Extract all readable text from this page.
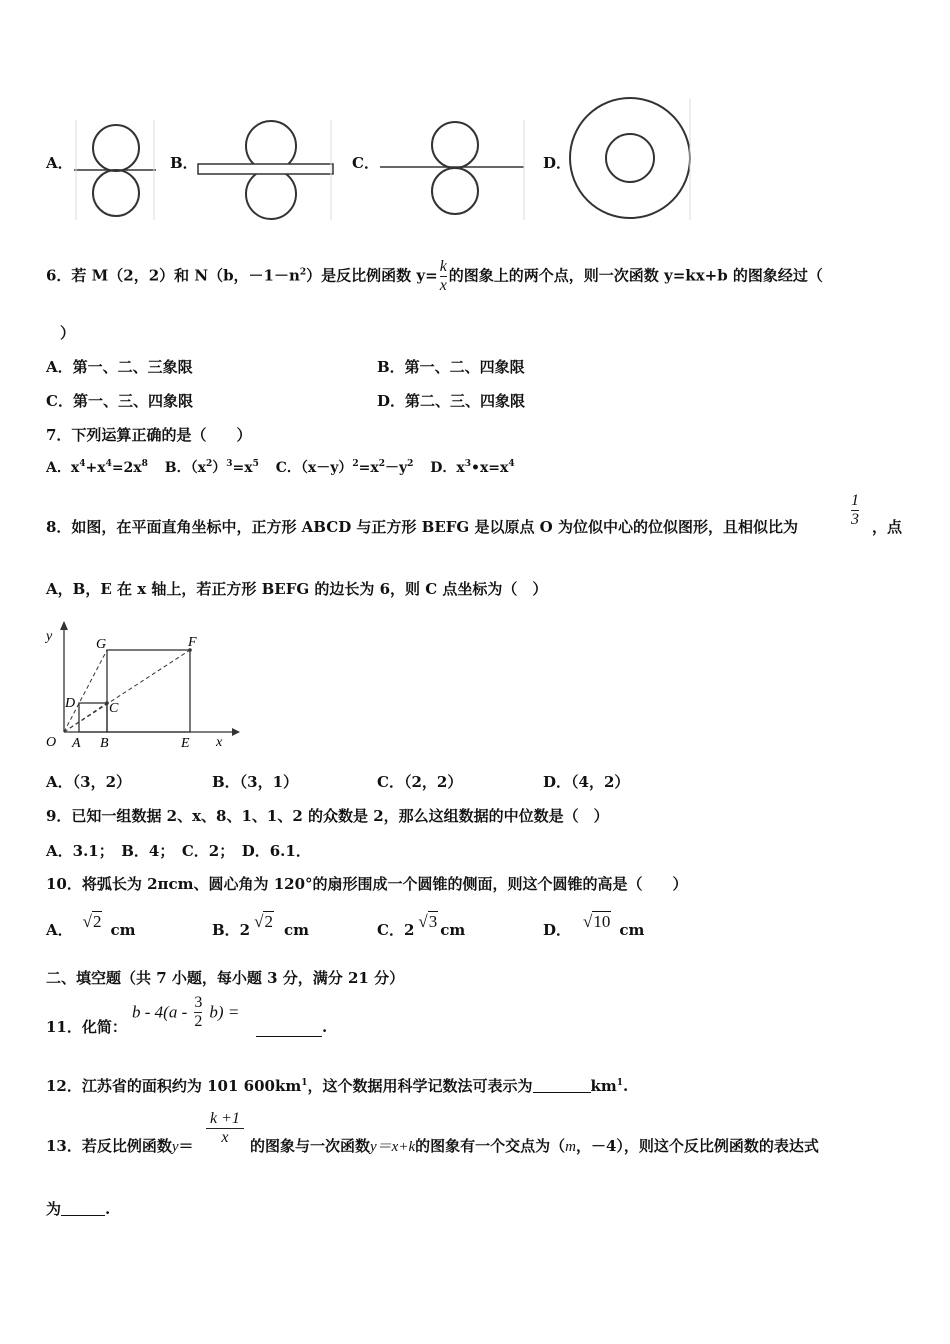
A．	B．	C．	D．
6．若 M（2，2）和 N（b，$-1-n^2$）是反比例函数 $y= \frac{k}{x}$ 的图象上的两个点，则一次函数 y=kx+b 的图象经过（
）
A．第一、二、三象限	B．第一、二、四象限
C．第一、三、四象限	D．第二、三、四象限
7．下列运算正确的是（　　）
A．$x^4+x^4=2x^8$ B．$(x^2)^3=x^5$ C．$(x-y)^2=x^2-y^2$ D．$x^3•x=x^4$
8．如图，在平面直角坐标中，正方形 ABCD 与正方形 BEFG 是以原点 O 为位似中心的位似图形，且相似比为	$\frac{1}{3}$ ，点
A，B，E 在 x 轴上，若正方形 BEFG 的边长为 6，则 C 点坐标为（　）
y
x
O A B	E
C
D
G	F
A．（3，2）	B．（3，1）	C．（2，2）	D．（4，2）
9．已知一组数据 2、x、8、1、1、2 的众数是 2，那么这组数据的中位数是（　）
A．3.1；　B．4；　C．2；　D．6.1．
10．将弧长为 2πcm、圆心角为 120°的扇形围成一个圆锥的侧面，则这个圆锥的高是（　　）
A． √2 cm	B．2 √2 cm	C．2 √3 cm	D． √10 cm
二、填空题（共 7 小题，每小题 3 分，满分 21 分）
11．化简：
b - $4(a - \frac{3}{2} b)$ =
.
12．江苏省的面积约为 101 $600km^1$，这个数据用科学记数法可表示为	$km^1$.
13．若反比例函数$y= \frac{k +1}{x}$ 的图象与一次函数y＝x+k的图象有一个交点为（m，－4），则这个反比例函数的表达式
为	.
